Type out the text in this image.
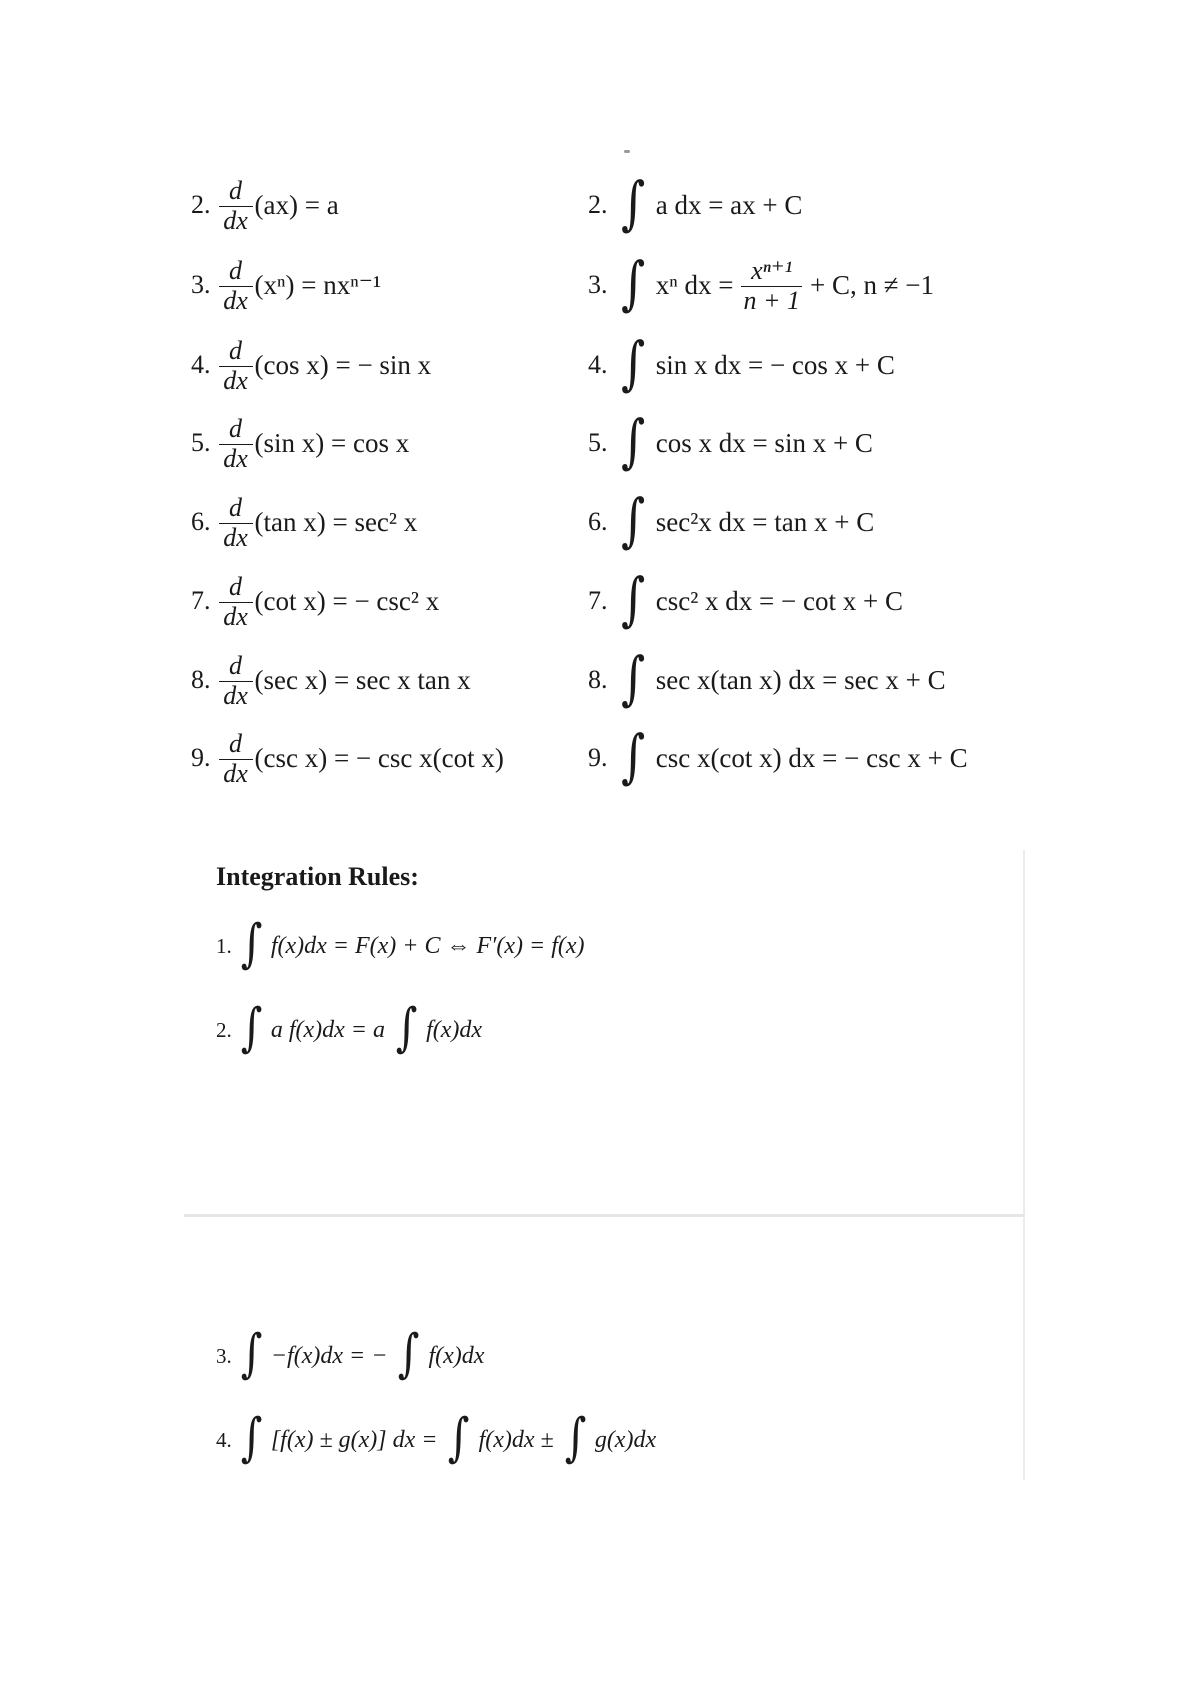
2. $\frac{d}{dx} (ax) = a$
3. $\frac{d}{dx} (x^n) = nx^{n-1}$
4. $\frac{d}{dx} (\cos$ x) = − sin x
5. $\frac{d}{dx} (\sin$ x) = cos x
6. $\frac{d}{dx} (\tan$ x) = sec² x
7. $\frac{d}{dx} (\cot$ x) = − csc² x
8. $\frac{d}{dx} (\sec$ x) = sec x tan x
9. $\frac{d}{dx} (\csc$ x) = − csc x(cot x)
2. ∫ a dx = ax + C
3. ∫ xⁿ dx = $\frac{\text{xⁿ⁺¹}}{n + 1} + C$, n ≠ −1
4. ∫ sin x dx = − cos x + C
5. ∫ cos x dx = sin x + C
6. ∫ sec²x dx = tan x + C
7. ∫ csc² x dx = − cot x + C
8. ∫ sec x(tan x) dx = sec x + C
9. ∫ csc x(cot x) dx = − csc x + C
Integration Rules:
1. ∫ f(x)dx = F(x) + C ⇔ F′(x) = f(x)
2. ∫ a f(x)dx = a ∫ f(x)dx
3. ∫ −f(x)dx = − ∫ f(x)dx
4. ∫ [f(x) ± g(x)] dx = ∫ f(x)dx ± ∫ g(x)dx
